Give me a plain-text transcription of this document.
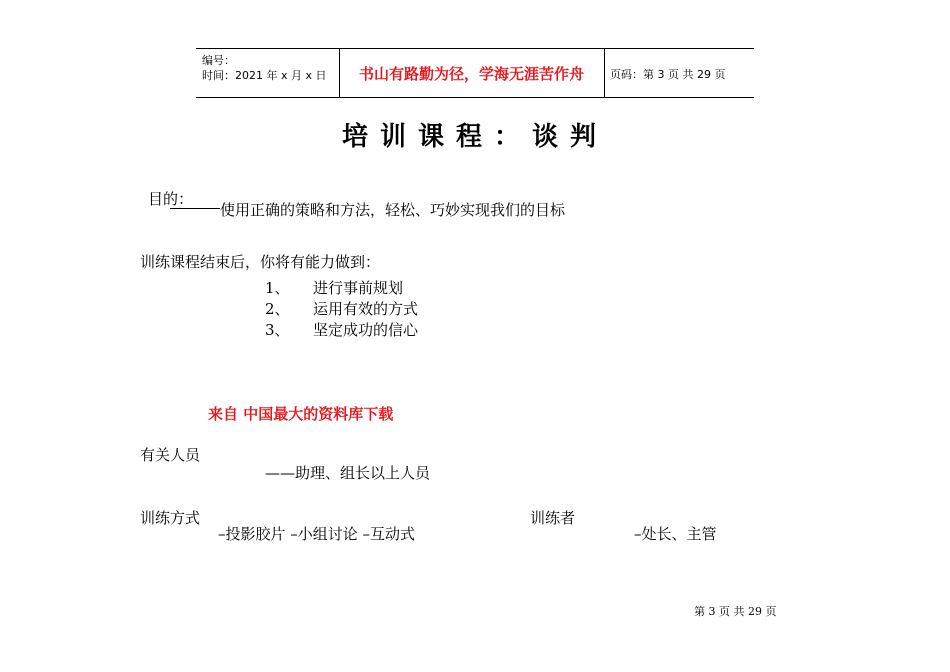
编号：
时间：2021 年 x 月 x 日	书山有路勤为径，学海无涯苦作舟	页码：第 3 页 共 29 页
培训课程：谈判
目的：
使用正确的策略和方法，轻松、巧妙实现我们的目标
训练课程结束后，你将有能力做到：
1、 进行事前规划
2、 运用有效的方式
3、 坚定成功的信心
来自 中国最大的资料库下载
有关人员
——助理、组长以上人员
训练方式
–投影胶片 –小组讨论 –互动式
训练者
–处长、主管
第 3 页 共 29 页
